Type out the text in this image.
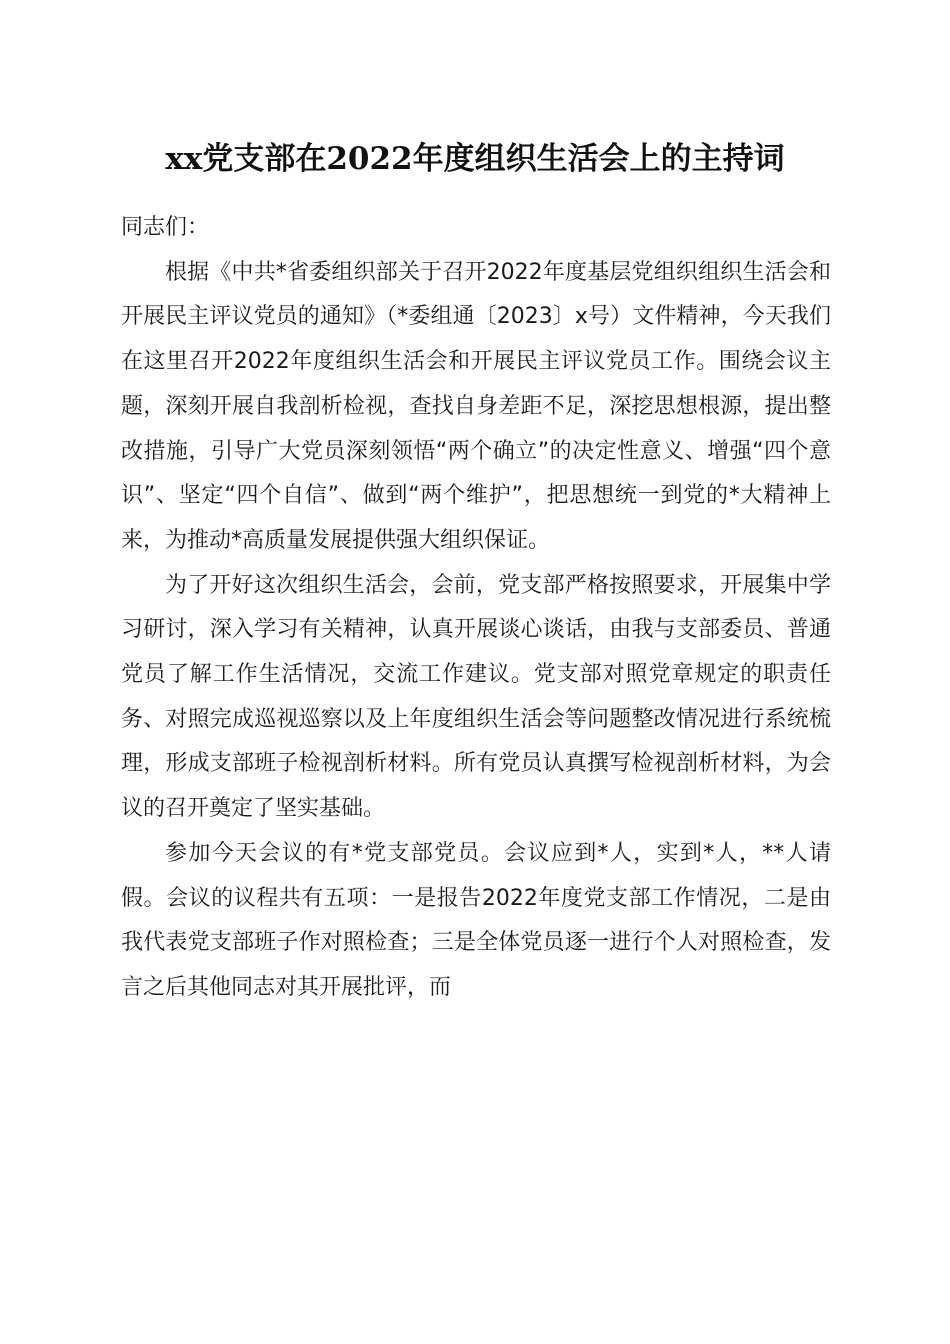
xx党支部在2022年度组织生活会上的主持词

同志们：

根据《中共*省委组织部关于召开2022年度基层党组织组织生活会和开展民主评议党员的通知》（*委组通〔2023〕x号）文件精神，今天我们在这里召开2022年度组织生活会和开展民主评议党员工作。围绕会议主题，深刻开展自我剖析检视，查找自身差距不足，深挖思想根源，提出整改措施，引导广大党员深刻领悟“两个确立”的决定性意义、增强“四个意识”、坚定“四个自信”、做到“两个维护”，把思想统一到党的*大精神上来，为推动*高质量发展提供强大组织保证。

为了开好这次组织生活会，会前，党支部严格按照要求，开展集中学习研讨，深入学习有关精神，认真开展谈心谈话，由我与支部委员、普通党员了解工作生活情况，交流工作建议。党支部对照党章规定的职责任务、对照完成巡视巡察以及上年度组织生活会等问题整改情况进行系统梳理，形成支部班子检视剖析材料。所有党员认真撰写检视剖析材料，为会议的召开奠定了坚实基础。

参加今天会议的有*党支部党员。会议应到*人，实到*人，**人请假。会议的议程共有五项：一是报告2022年度党支部工作情况，二是由我代表党支部班子作对照检查；三是全体党员逐一进行个人对照检查，发言之后其他同志对其开展批评，而
